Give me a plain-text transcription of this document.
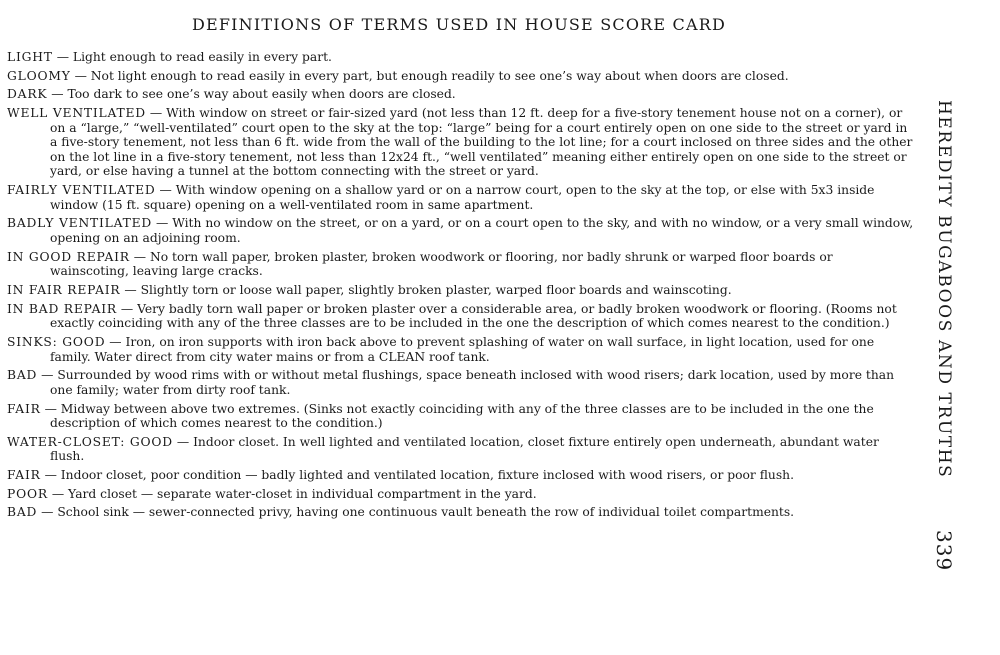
DEFINITIONS OF TERMS USED IN HOUSE SCORE CARD

LIGHT — Light enough to read easily in every part.

GLOOMY — Not light enough to read easily in every part, but enough readily to see one’s way about when doors are closed.

DARK — Too dark to see one’s way about easily when doors are closed.

WELL VENTILATED — With window on street or fair-sized yard (not less than 12 ft. deep for a five-story tenement house not on a corner), or on a “large,” “well-ventilated” court open to the sky at the top: “large” being for a court entirely open on one side to the street or yard in a five-story tenement, not less than 6 ft. wide from the wall of the building to the lot line; for a court inclosed on three sides and the other on the lot line in a five-story tenement, not less than 12x24 ft., “well ventilated” meaning either entirely open on one side to the street or yard, or else having a tunnel at the bottom connecting with the street or yard.

FAIRLY VENTILATED — With window opening on a shallow yard or on a narrow court, open to the sky at the top, or else with 5x3 inside window (15 ft. square) opening on a well-ventilated room in same apartment.

BADLY VENTILATED — With no window on the street, or on a yard, or on a court open to the sky, and with no window, or a very small window, opening on an adjoining room.

IN GOOD REPAIR — No torn wall paper, broken plaster, broken woodwork or flooring, nor badly shrunk or warped floor boards or wainscoting, leaving large cracks.

IN FAIR REPAIR — Slightly torn or loose wall paper, slightly broken plaster, warped floor boards and wainscoting.

IN BAD REPAIR — Very badly torn wall paper or broken plaster over a considerable area, or badly broken woodwork or flooring. (Rooms not exactly coinciding with any of the three classes are to be included in the one the description of which comes nearest to the condition.)

SINKS: GOOD — Iron, on iron supports with iron back above to prevent splashing of water on wall surface, in light location, used for one family. Water direct from city water mains or from a CLEAN roof tank.

BAD — Surrounded by wood rims with or without metal flushings, space beneath inclosed with wood risers; dark location, used by more than one family; water from dirty roof tank.

FAIR — Midway between above two extremes. (Sinks not exactly coinciding with any of the three classes are to be included in the one the description of which comes nearest to the condition.)

WATER-CLOSET: GOOD — Indoor closet. In well lighted and ventilated location, closet fixture entirely open underneath, abundant water flush.

FAIR — Indoor closet, poor condition — badly lighted and ventilated location, fixture inclosed with wood risers, or poor flush.

POOR — Yard closet — separate water-closet in individual compartment in the yard.

BAD — School sink — sewer-connected privy, having one continuous vault beneath the row of individual toilet compartments.

HEREDITY BUGABOOS AND TRUTHS
339
